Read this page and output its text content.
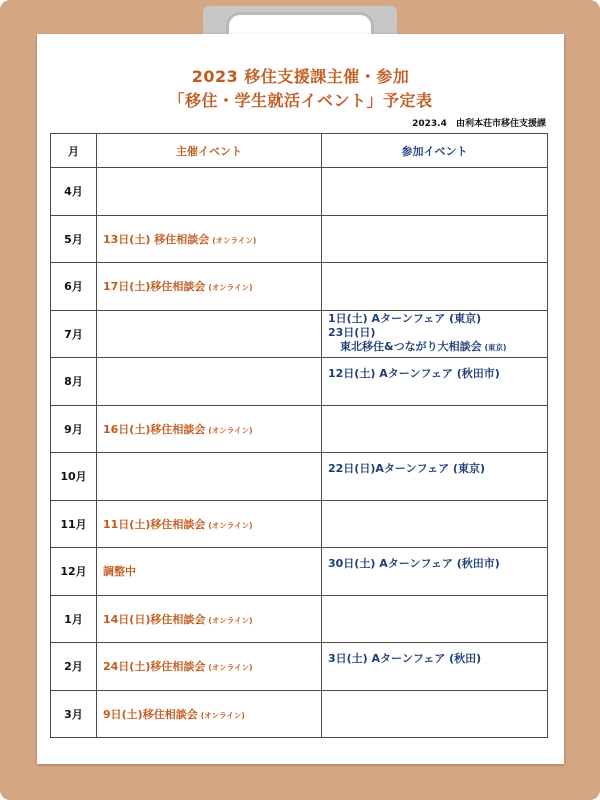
2023 移住支援課主催・参加
「移住・学生就活イベント」予定表
2023.4 由利本荘市移住支援課
月	主催イベント	参加イベント
4月		

5月	13日(土) 移住相談会 (オンライン)	

6月	17日(土)移住相談会 (オンライン)	

7月		1日(土) Aターンフェア (東京)
23日(日)
東北移住&つながり大相談会 (東京)

8月		12日(土) Aターンフェア (秋田市)

9月	16日(土)移住相談会 (オンライン)	

10月		22日(日)Aターンフェア (東京)

11月	11日(土)移住相談会 (オンライン)	

12月	調整中	30日(土) Aターンフェア (秋田市)

1月	14日(日)移住相談会 (オンライン)	

2月	24日(土)移住相談会 (オンライン)	3日(土) Aターンフェア (秋田)

3月	9日(土)移住相談会 (オンライン)	
